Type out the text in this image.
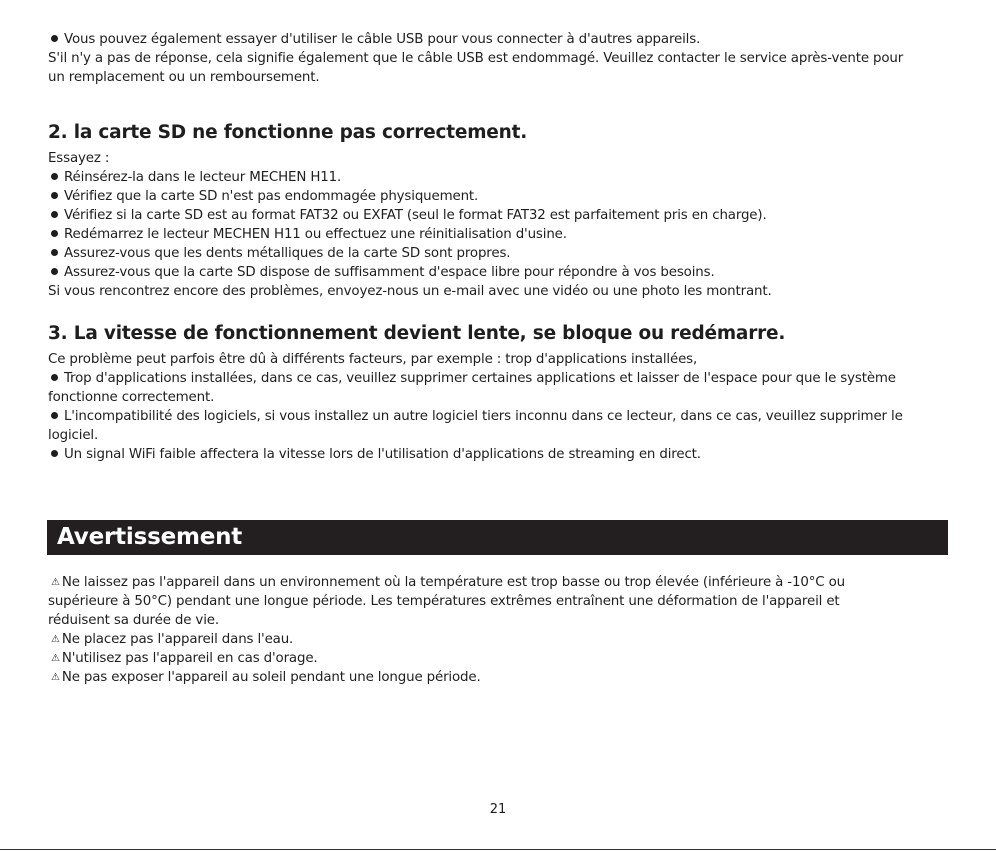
Vous pouvez également essayer d'utiliser le câble USB pour vous connecter à d'autres appareils.
S'il n'y a pas de réponse, cela signifie également que le câble USB est endommagé. Veuillez contacter le service après-vente pour
un remplacement ou un remboursement.
2. la carte SD ne fonctionne pas correctement.
Essayez :
Réinsérez-la dans le lecteur MECHEN H11.
Vérifiez que la carte SD n'est pas endommagée physiquement.
Vérifiez si la carte SD est au format FAT32 ou EXFAT (seul le format FAT32 est parfaitement pris en charge).
Redémarrez le lecteur MECHEN H11 ou effectuez une réinitialisation d'usine.
Assurez-vous que les dents métalliques de la carte SD sont propres.
Assurez-vous que la carte SD dispose de suffisamment d'espace libre pour répondre à vos besoins.
Si vous rencontrez encore des problèmes, envoyez-nous un e-mail avec une vidéo ou une photo les montrant.
3. La vitesse de fonctionnement devient lente, se bloque ou redémarre.
Ce problème peut parfois être dû à différents facteurs, par exemple : trop d'applications installées,
Trop d'applications installées, dans ce cas, veuillez supprimer certaines applications et laisser de l'espace pour que le système
fonctionne correctement.
L'incompatibilité des logiciels, si vous installez un autre logiciel tiers inconnu dans ce lecteur, dans ce cas, veuillez supprimer le
logiciel.
Un signal WiFi faible affectera la vitesse lors de l'utilisation d'applications de streaming en direct.
Avertissement
⚠ Ne laissez pas l'appareil dans un environnement où la température est trop basse ou trop élevée (inférieure à -10°C ou
supérieure à 50°C) pendant une longue période. Les températures extrêmes entraînent une déformation de l'appareil et
réduisent sa durée de vie.
⚠ Ne placez pas l'appareil dans l'eau.
⚠ N'utilisez pas l'appareil en cas d'orage.
⚠ Ne pas exposer l'appareil au soleil pendant une longue période.
21
